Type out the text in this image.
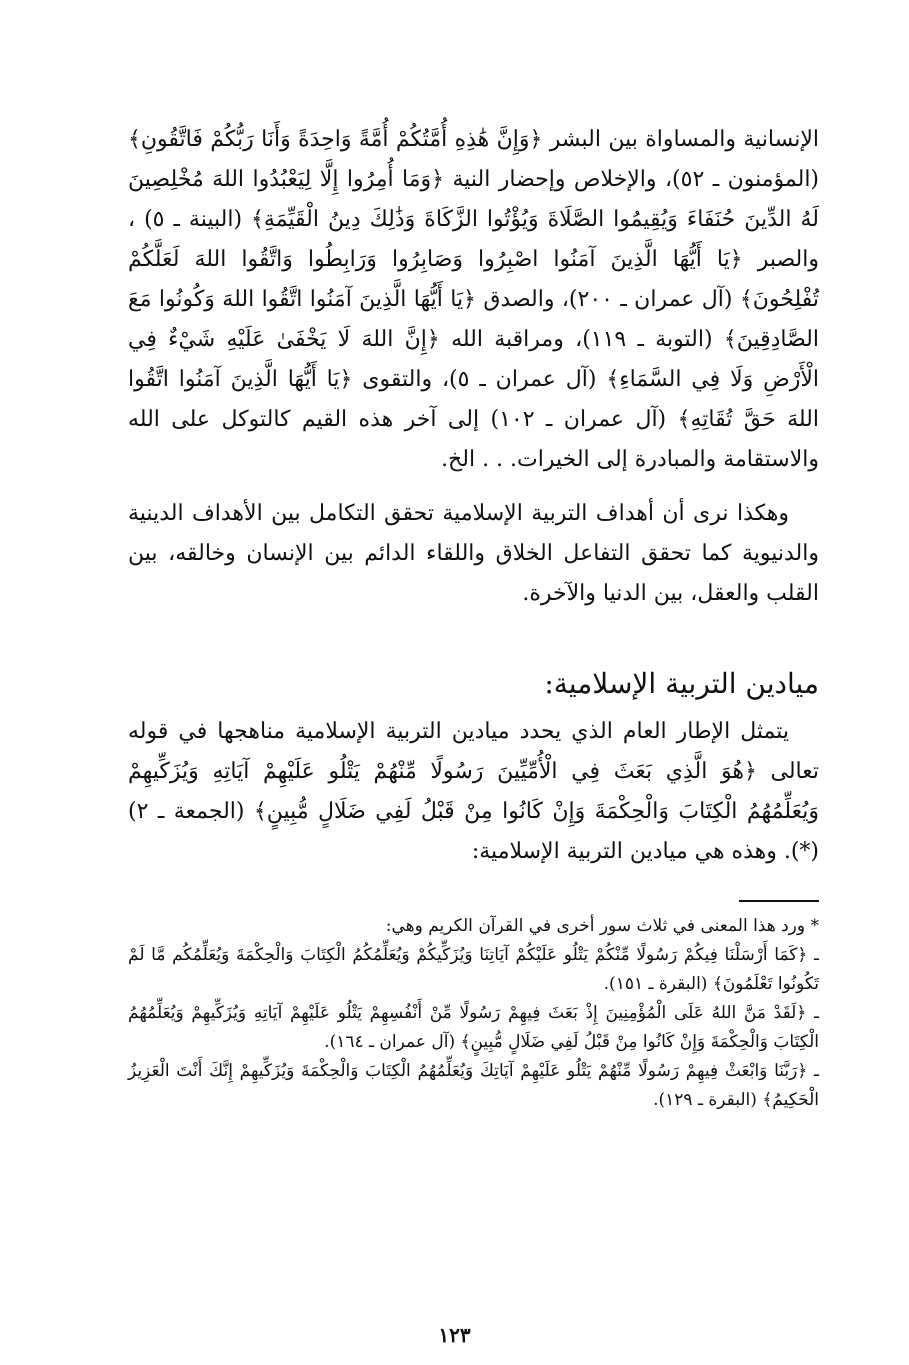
الإنسانية والمساواة بين البشر ﴿وَإِنَّ هَٰذِهِ أُمَّتُكُمْ أُمَّةً وَاحِدَةً وَأَنَا رَبُّكُمْ فَاتَّقُونِ﴾ (المؤمنون ـ ٥٢)، والإخلاص وإحضار النية ﴿وَمَا أُمِرُوا إِلَّا لِيَعْبُدُوا اللهَ مُخْلِصِينَ لَهُ الدِّينَ حُنَفَاءَ وَيُقِيمُوا الصَّلَاةَ وَيُؤْتُوا الزَّكَاةَ وَذَٰلِكَ دِينُ الْقَيِّمَةِ﴾ (البينة ـ ٥) ، والصبر ﴿يَا أَيُّهَا الَّذِينَ آمَنُوا اصْبِرُوا وَصَابِرُوا وَرَابِطُوا وَاتَّقُوا اللهَ لَعَلَّكُمْ تُفْلِحُونَ﴾ (آل عمران ـ ٢٠٠)، والصدق ﴿يَا أَيُّهَا الَّذِينَ آمَنُوا اتَّقُوا اللهَ وَكُونُوا مَعَ الصَّادِقِينَ﴾ (التوبة ـ ١١٩)، ومراقبة الله ﴿إِنَّ اللهَ لَا يَخْفَىٰ عَلَيْهِ شَيْءٌ فِي الْأَرْضِ وَلَا فِي السَّمَاءِ﴾ (آل عمران ـ ٥)، والتقوى ﴿يَا أَيُّهَا الَّذِينَ آمَنُوا اتَّقُوا اللهَ حَقَّ تُقَاتِهِ﴾ (آل عمران ـ ١٠٢) إلى آخر هذه القيم كالتوكل على الله والاستقامة والمبادرة إلى الخيرات. . . الخ.

وهكذا نرى أن أهداف التربية الإسلامية تحقق التكامل بين الأهداف الدينية والدنيوية كما تحقق التفاعل الخلاق واللقاء الدائم بين الإنسان وخالقه، بين القلب والعقل، بين الدنيا والآخرة.

ميادين التربية الإسلامية:

يتمثل الإطار العام الذي يحدد ميادين التربية الإسلامية مناهجها في قوله تعالى ﴿هُوَ الَّذِي بَعَثَ فِي الْأُمِّيِّينَ رَسُولًا مِّنْهُمْ يَتْلُو عَلَيْهِمْ آيَاتِهِ وَيُزَكِّيهِمْ وَيُعَلِّمُهُمُ الْكِتَابَ وَالْحِكْمَةَ وَإِنْ كَانُوا مِنْ قَبْلُ لَفِي ضَلَالٍ مُّبِينٍ﴾ (الجمعة ـ ٢)(*). وهذه هي ميادين التربية الإسلامية:

* ورد هذا المعنى في ثلاث سور أخرى في القرآن الكريم وهي:

ـ ﴿كَمَا أَرْسَلْنَا فِيكُمْ رَسُولًا مِّنْكُمْ يَتْلُو عَلَيْكُمْ آيَاتِنَا وَيُزَكِّيكُمْ وَيُعَلِّمُكُمُ الْكِتَابَ وَالْحِكْمَةَ وَيُعَلِّمُكُم مَّا لَمْ تَكُونُوا تَعْلَمُونَ﴾ (البقرة ـ ١٥١).

ـ ﴿لَقَدْ مَنَّ اللهُ عَلَى الْمُؤْمِنِينَ إِذْ بَعَثَ فِيهِمْ رَسُولًا مِّنْ أَنْفُسِهِمْ يَتْلُو عَلَيْهِمْ آيَاتِهِ وَيُزَكِّيهِمْ وَيُعَلِّمُهُمُ الْكِتَابَ وَالْحِكْمَةَ وَإِنْ كَانُوا مِنْ قَبْلُ لَفِي ضَلَالٍ مُّبِينٍ﴾ (آل عمران ـ ١٦٤).

ـ ﴿رَبَّنَا وَابْعَثْ فِيهِمْ رَسُولًا مِّنْهُمْ يَتْلُو عَلَيْهِمْ آيَاتِكَ وَيُعَلِّمُهُمُ الْكِتَابَ وَالْحِكْمَةَ وَيُزَكِّيهِمْ إِنَّكَ أَنْتَ الْعَزِيزُ الْحَكِيمُ﴾ (البقرة ـ ١٢٩).

١٢٣
